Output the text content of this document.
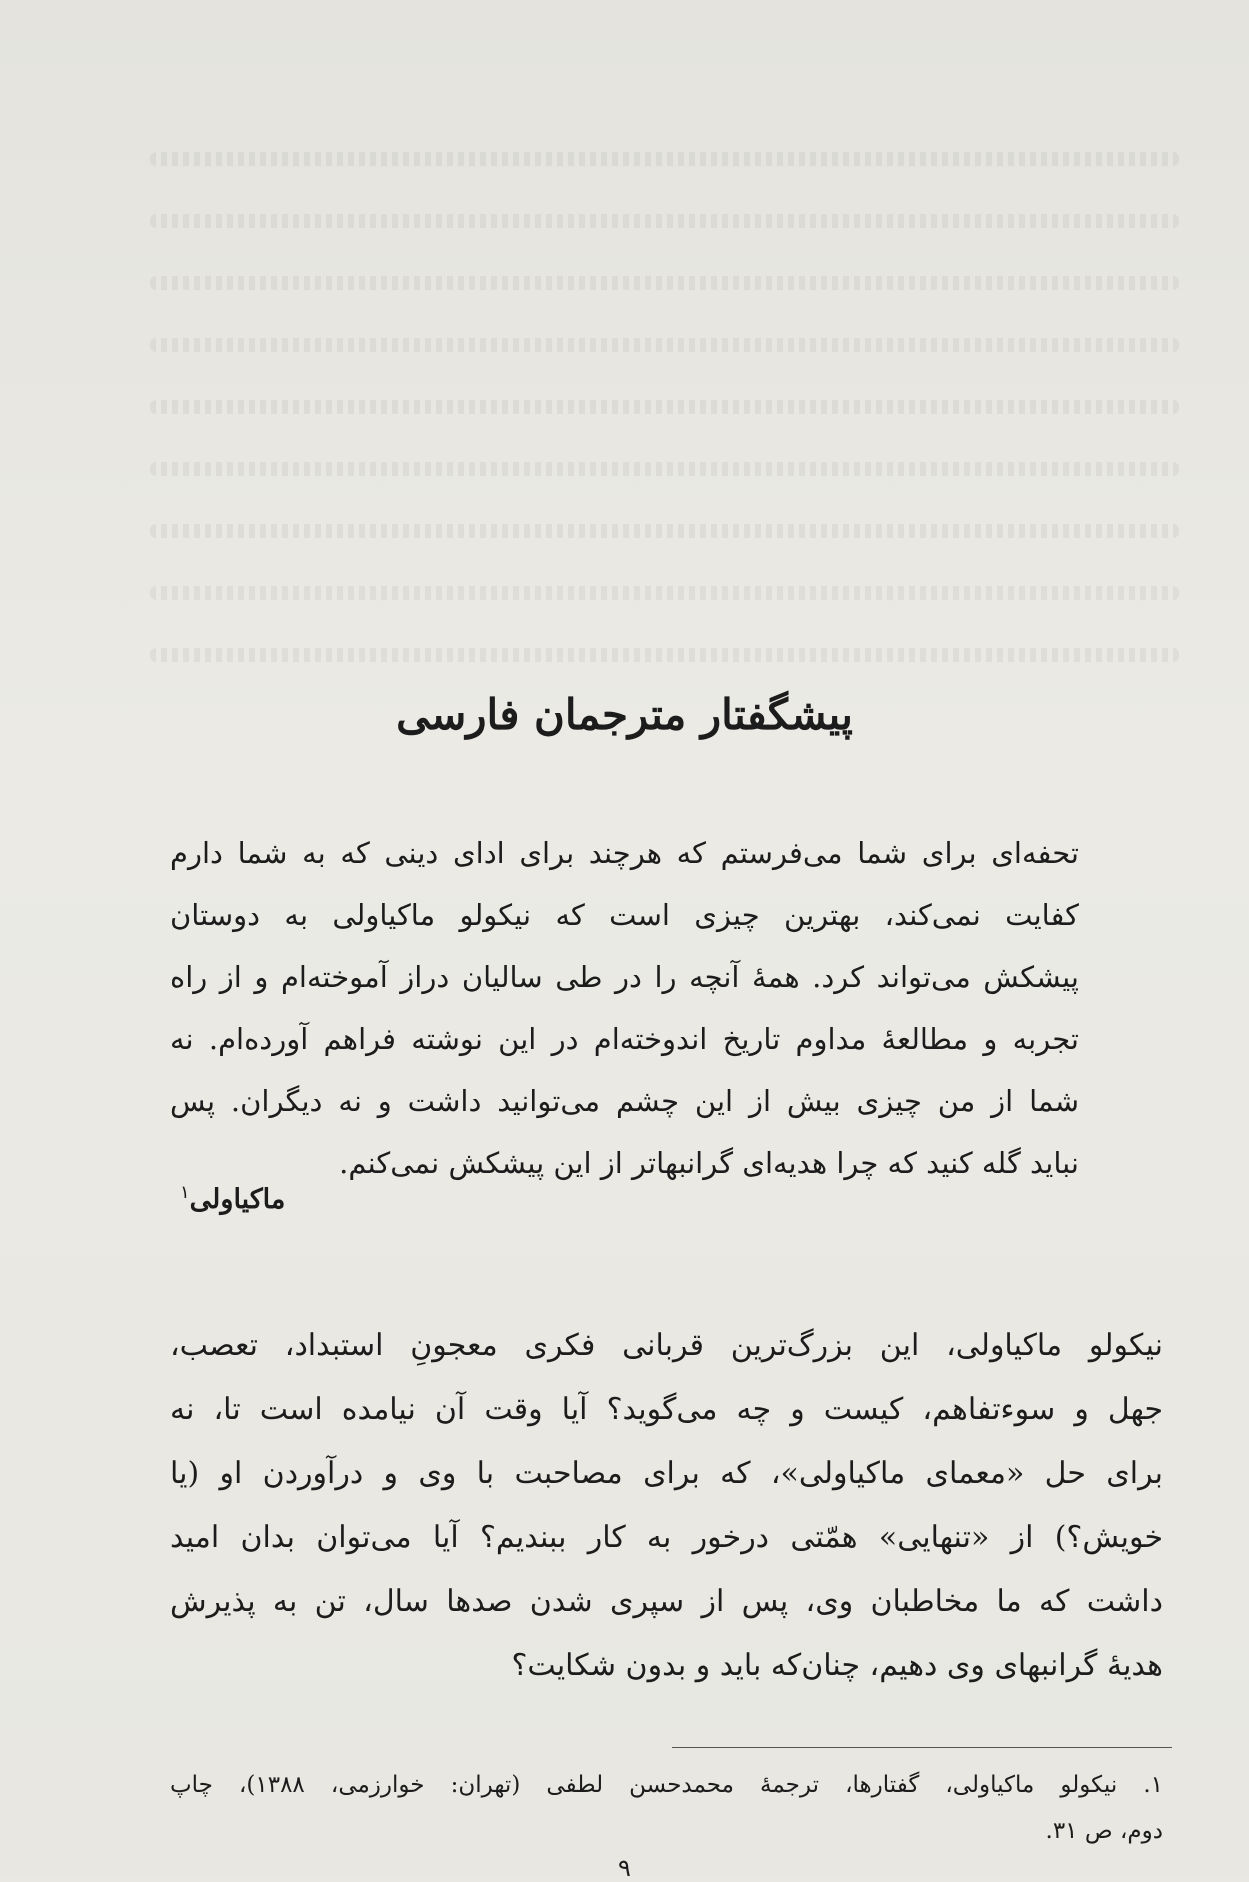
پیشگفتار مترجمان فارسی
تحفه‌ای برای شما می‌فرستم که هرچند برای ادای دینی که به شما دارم
کفایت نمی‌کند، بهترین چیزی است که نیکولو ماکیاولی به دوستان
پیشکش می‌تواند کرد. همهٔ آنچه را در طی سالیان دراز آموخته‌ام و از راه
تجربه و مطالعهٔ مداوم تاریخ اندوخته‌ام در این نوشته فراهم آورده‌ام. نه
شما از من چیزی بیش از این چشم می‌توانید داشت و نه دیگران. پس
نباید گله کنید که چرا هدیه‌ای گرانبهاتر از این پیشکش نمی‌کنم.
ماکیاولی$^۱$
نیکولو ماکیاولی، این بزرگ‌ترین قربانی فکری معجونِ استبداد، تعصب،
جهل و سوءتفاهم، کیست و چه می‌گوید؟ آیا وقت آن نیامده است تا، نه
برای حل «معمای ماکیاولی»، که برای مصاحبت با وی و درآوردن او (یا
خویش؟) از «تنهایی» همّتی درخور به کار ببندیم؟ آیا می‌توان بدان امید
داشت که ما مخاطبان وی، پس از سپری شدن صدها سال، تن به پذیرش
هدیهٔ گرانبهای وی دهیم، چنان‌که باید و بدون شکایت؟
۱. نیکولو ماکیاولی، گفتارها، ترجمهٔ محمدحسن لطفی (تهران: خوارزمی، ۱۳۸۸)، چاپ
دوم، ص ۳۱.
۹
